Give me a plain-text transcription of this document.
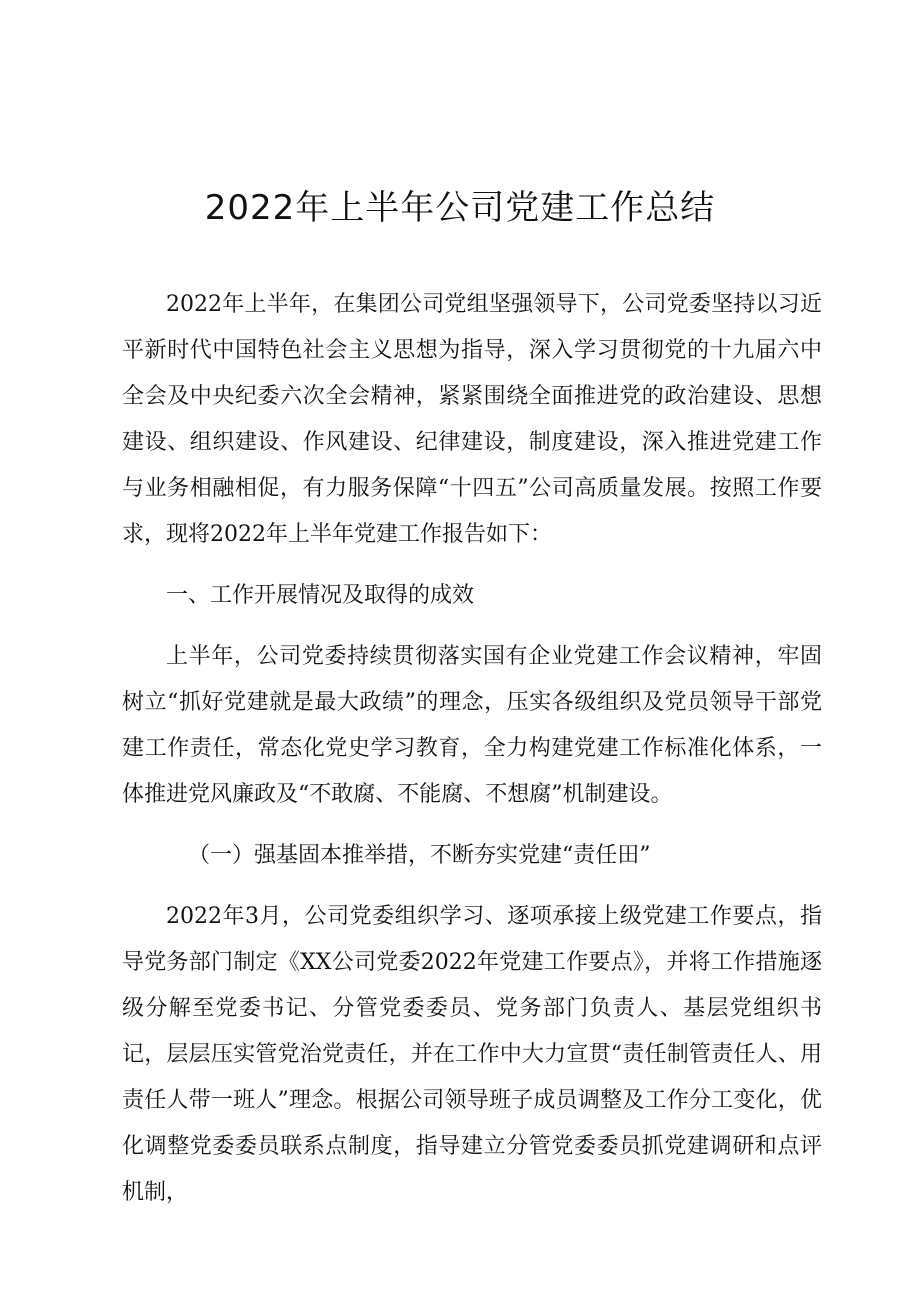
2022年上半年公司党建工作总结

2022年上半年，在集团公司党组坚强领导下，公司党委坚持以习近平新时代中国特色社会主义思想为指导，深入学习贯彻党的十九届六中全会及中央纪委六次全会精神，紧紧围绕全面推进党的政治建设、思想建设、组织建设、作风建设、纪律建设，制度建设，深入推进党建工作与业务相融相促，有力服务保障“十四五”公司高质量发展。按照工作要求，现将2022年上半年党建工作报告如下：

一、工作开展情况及取得的成效

上半年，公司党委持续贯彻落实国有企业党建工作会议精神，牢固树立“抓好党建就是最大政绩”的理念，压实各级组织及党员领导干部党建工作责任，常态化党史学习教育，全力构建党建工作标准化体系，一体推进党风廉政及“不敢腐、不能腐、不想腐”机制建设。

（一）强基固本推举措，不断夯实党建“责任田”

2022年3月，公司党委组织学习、逐项承接上级党建工作要点，指导党务部门制定《XX公司党委2022年党建工作要点》，并将工作措施逐级分解至党委书记、分管党委委员、党务部门负责人、基层党组织书记，层层压实管党治党责任，并在工作中大力宣贯“责任制管责任人、用责任人带一班人”理念。根据公司领导班子成员调整及工作分工变化，优化调整党委委员联系点制度，指导建立分管党委委员抓党建调研和点评机制，
